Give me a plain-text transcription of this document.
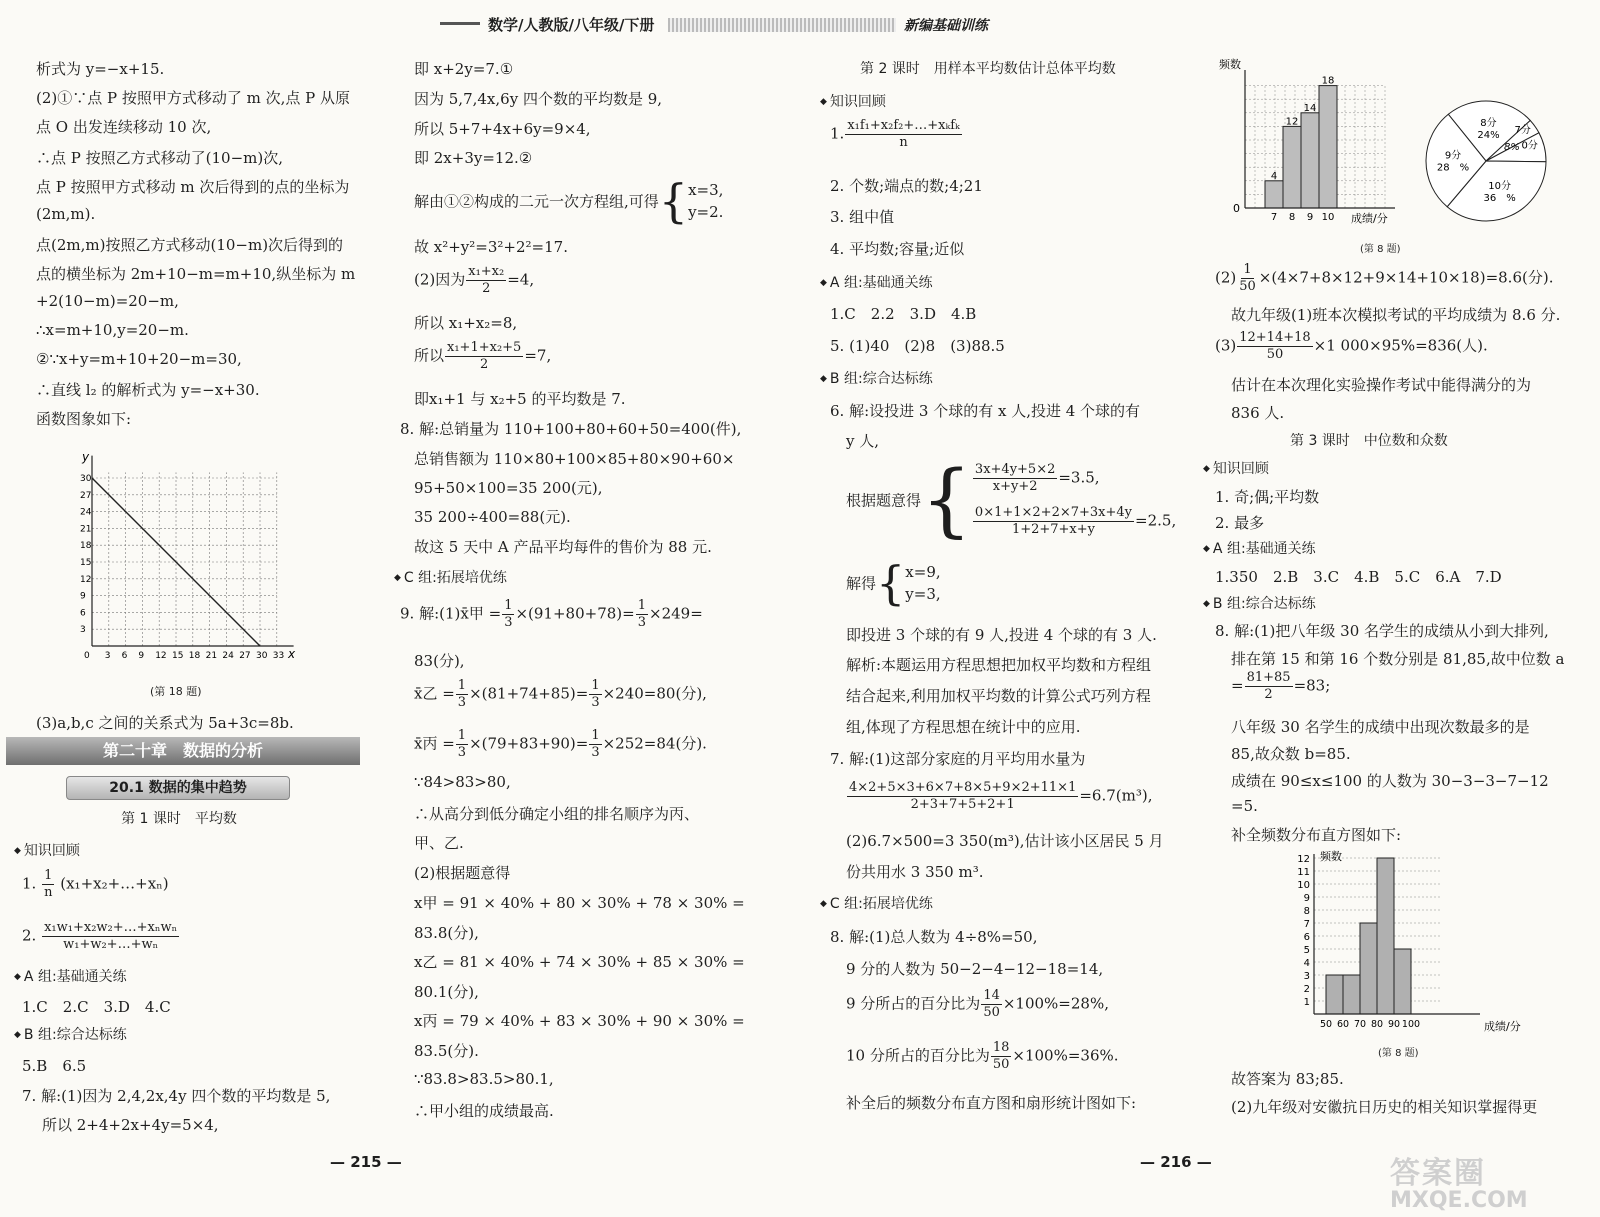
数学/人教版/八年级/下册	新编基础训练
析式为 y=−x+15.
(2)①∵点 P 按照甲方式移动了 m 次,点 P 从原
点 O 出发连续移动 10 次,
∴点 P 按照乙方式移动了(10−m)次,
点 P 按照甲方式移动 m 次后得到的点的坐标为
(2m,m).
点(2m,m)按照乙方式移动(10−m)次后得到的
点的横坐标为 2m+10−m=m+10,纵坐标为 m
+2(10−m)=20−m,
∴x=m+10,y=20−m.
②∵x+y=m+10+20−m=30,
∴直线 l₂ 的解析式为 y=−x+30.
函数图象如下:
0 3 6 9 12 15 18 21 24 27 30 33
3
6
9
12
15
18
21
24
27
30
x
y
(第 18 题)
(3)a,b,c 之间的关系式为 5a+3c=8b.
第二十章　数据的分析
20.1 数据的集中趋势
第 1 课时　平均数
◆ 知识回顾
1. $\frac{1}{n}$ (x₁+x₂+…+xₙ)
2. $\frac{\text{x₁w₁+x₂w₂+…+xₙwₙ}}{\text{w₁+w₂+…+wₙ}}$
◆ A 组:基础通关练
1.C　2.C　3.D　4.C
◆ B 组:综合达标练
5.B　6.5
7. 解:(1)因为 2,4,2x,4y 四个数的平均数是 5,
所以 2+4+2x+4y=5×4,
即 x+2y=7.①
因为 5,7,4x,6y 四个数的平均数是 9,
所以 5+7+4x+6y=9×4,
即 2x+3y=12.②
解由①②构成的二元一次方程组,可得{ x=3,
y=2.
故 x²+y²=3²+2²=17.
(2)因为 $\frac{\text{x₁+x₂}}{2} =4$,
所以 x₁+x₂=8,
所以 $\frac{\text{x₁+1+x₂+5}}{2} =7$,
即x₁+1 与 x₂+5 的平均数是 7.
8. 解:总销量为 110+100+80+60+50=400(件),
总销售额为 110×80+100×85+80×90+60×
95+50×100=35 200(元),
35 200÷400=88(元).
故这 5 天中 A 产品平均每件的售价为 88 元.
◆ C 组:拓展培优练
9. 解:(1)x̄甲 = $\frac{1}{3} \times(91+80+78)= \frac{1}{3} \times 249=$
83(分),
x̄乙 = $\frac{1}{3} \times(81+74+85)= \frac{1}{3} \times 240=80$(分),
x̄丙 = $\frac{1}{3} \times(79+83+90)= \frac{1}{3} \times 252=84$(分).
∵84>83>80,
∴从高分到低分确定小组的排名顺序为丙、
甲、乙.
(2)根据题意得
x甲 = 91 × 40% + 80 × 30% + 78 × 30% =
83.8(分),
x乙 = 81 × 40% + 74 × 30% + 85 × 30% =
80.1(分),
x丙 = 79 × 40% + 83 × 30% + 90 × 30% =
83.5(分).
∵83.8>83.5>80.1,
∴甲小组的成绩最高.
— 215 —	— 216 —
第 2 课时　用样本平均数估计总体平均数
◆ 知识回顾
1. $\frac{\text{x₁f₁+x₂f₂+…+xₖfₖ}}{n}$
2. 个数;端点的数;4;21
3. 组中值
4. 平均数;容量;近似
◆ A 组:基础通关练
1.C　2.2　3.D　4.B
5. (1)40　(2)8　(3)88.5
◆ B 组:综合达标练
6. 解:设投进 3 个球的有 x 人,投进 4 个球的有
y 人,
根据题意得{ $\frac{3x+4y+5\times 2}{x+y+2} =3.5$,
$\frac{0\times 1+1\times 2+2\times 7+3x+4y}{1+2+7+x+y} =2.5$,
解得{ x=9,
y=3,
即投进 3 个球的有 9 人,投进 4 个球的有 3 人.
解析:本题运用方程思想把加权平均数和方程组
结合起来,利用加权平均数的计算公式巧列方程
组,体现了方程思想在统计中的应用.
7. 解:(1)这部分家庭的月平均用水量为
$\frac{4\times 2+5\times 3+6\times 7+8\times 5+9\times 2+11\times 1}{2+3+7+5+2+1} =6.7(m^3)$,
(2)6.7×500=3 350(m³),估计该小区居民 5 月
份共用水 3 350 m³.
◆ C 组:拓展培优练
8. 解:(1)总人数为 4÷8%=50,
9 分的人数为 50−2−4−12−18=14,
9 分所占的百分比为 $\frac{14}{50} \times 100\%=28\%$,
10 分所占的百分比为 $\frac{18}{50} \times 100\%=36\%$.
补全后的频数分布直方图和扇形统计图如下:
4
12
14
18
7 8 9 10
频数
成绩/分
0
(第 8 题)
8分
24% 7分
0分
10分
36　%
9分
28　%
8%
$(2) \frac{1}{50} \times(4\times 7+8\times 12+9\times 14+10\times 18)=8.6$(分).
故九年级(1)班本次模拟考试的平均成绩为 8.6 分.
$(3) \frac{12+14+18}{50} \times 1$ 000×95%=836(人).
估计在本次理化实验操作考试中能得满分的为
836 人.
第 3 课时　中位数和众数
◆ 知识回顾
1. 奇;偶;平均数
2. 最多
◆ A 组:基础通关练
1.350　2.B　3.C　4.B　5.C　6.A　7.D
◆ B 组:综合达标练
8. 解:(1)把八年级 30 名学生的成绩从小到大排列,
排在第 15 和第 16 个数分别是 81,85,故中位数 a
= $\frac{81+85}{2} =83$;
八年级 30 名学生的成绩中出现次数最多的是
85,故众数 b=85.
成绩在 90≤x≤100 的人数为 30−3−3−7−12
=5.
补全频数分布直方图如下:
故答案为 83;85.
(2)九年级对安徽抗日历史的相关知识掌握得更
1
2
3
4
5
6
7
8
9
10
11
12
50 60 70 80 90 100
频数
成绩/分
(第 8 题)
答案圈
MXQE.COM
